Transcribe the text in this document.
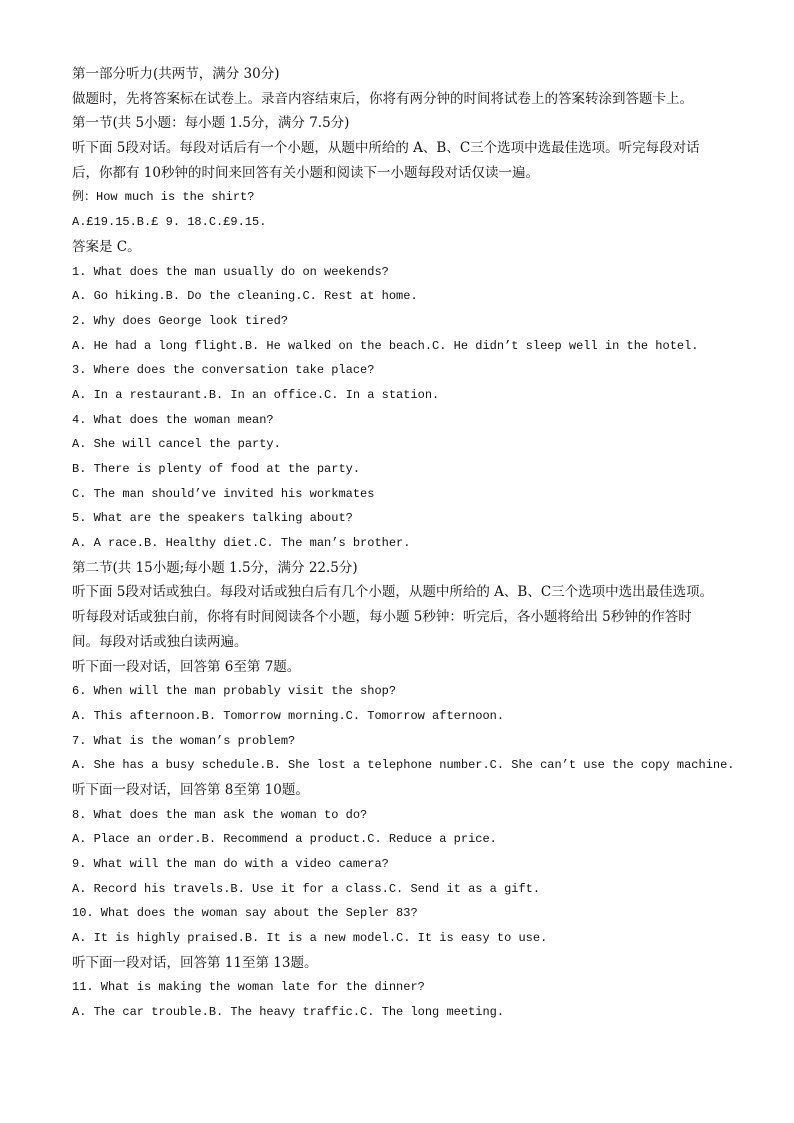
第一部分听力(共两节，满分 30分)
做题时，先将答案标在试卷上。录音内容结束后，你将有两分钟的时间将试卷上的答案转涂到答题卡上。
第一节(共 5小题：每小题 1.5分，满分 7.5分)
听下面 5段对话。每段对话后有一个小题，从题中所给的 A、B、C三个选项中选最佳选项。听完每段对话
后，你都有 10秒钟的时间来回答有关小题和阅读下一小题每段对话仅读一遍。
例：How much is the shirt?
A.£19.15.B.£ 9. 18.C.£9.15.
答案是 C。
1. What does the man usually do on weekends?
A. Go hiking.B. Do the cleaning.C. Rest at home.
2. Why does George look tired?
A. He had a long flight.B. He walked on the beach.C. He didn’t sleep well in the hotel.
3. Where does the conversation take place?
A. In a restaurant.B. In an office.C. In a station.
4. What does the woman mean?
A. She will cancel the party.
B. There is plenty of food at the party.
C. The man should’ve invited his workmates
5. What are the speakers talking about?
A. A race.B. Healthy diet.C. The man’s brother.
第二节(共 15小题;每小题 1.5分，满分 22.5分)
听下面 5段对话或独白。每段对话或独白后有几个小题，从题中所给的 A、B、C三个选项中选出最佳选项。
听每段对话或独白前，你将有时间阅读各个小题，每小题 5秒钟：听完后，各小题将给出 5秒钟的作答时
间。每段对话或独白读两遍。
听下面一段对话，回答第 6至第 7题。
6. When will the man probably visit the shop?
A. This afternoon.B. Tomorrow morning.C. Tomorrow afternoon.
7. What is the woman’s problem?
A. She has a busy schedule.B. She lost a telephone number.C. She can’t use the copy machine.
听下面一段对话，回答第 8至第 10题。
8. What does the man ask the woman to do?
A. Place an order.B. Recommend a product.C. Reduce a price.
9. What will the man do with a video camera?
A. Record his travels.B. Use it for a class.C. Send it as a gift.
10. What does the woman say about the Sepler 83?
A. It is highly praised.B. It is a new model.C. It is easy to use.
听下面一段对话，回答第 11至第 13题。
11. What is making the woman late for the dinner?
A. The car trouble.B. The heavy traffic.C. The long meeting.
